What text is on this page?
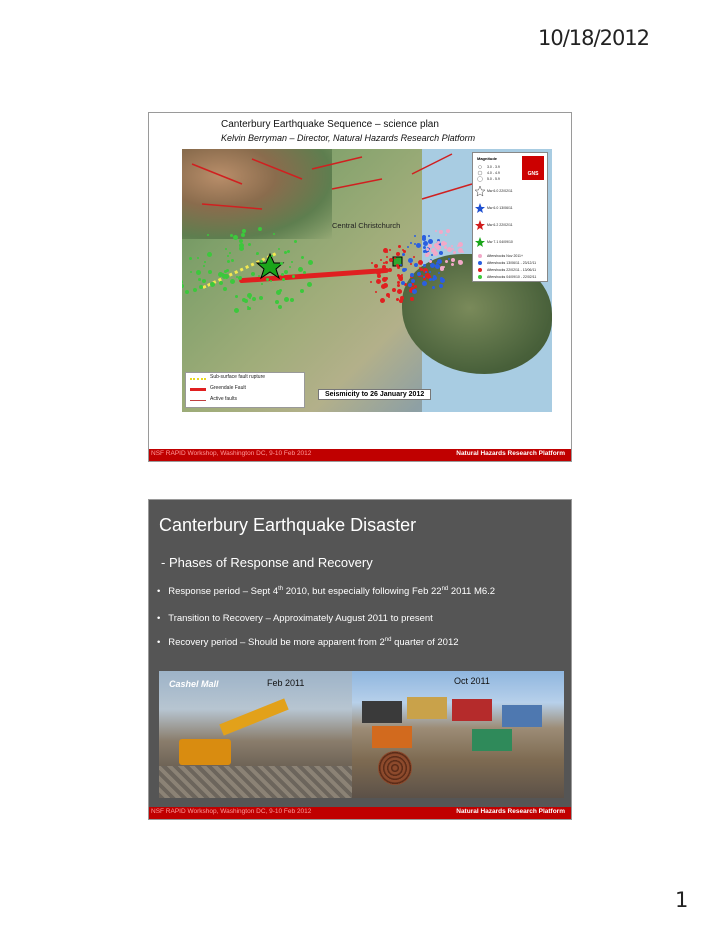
10/18/2012
Canterbury Earthquake Sequence – science plan
Kelvin Berryman – Director, Natural Hazards Research Platform
Central Christchurch
Magnitude
GNS
3.0 - 3.9
4.0 - 4.9
5.0 - 5.9
Mw 6.0 22/02/11
Mw 6.0 13/06/11
Mw 6.2 22/02/11
Mw 7.1 04/09/10
Aftershocks Nov 2011+
Aftershocks 13/06/11 - 23/12/11
Aftershocks 22/02/11 - 13/06/11
Aftershocks 04/09/10 - 22/02/11
Seismicity to 26 January 2012
Sub-surface fault rupture
Greendale Fault
Active faults
NSF RAPID Workshop, Washington DC, 9-10 Feb 2012	Natural Hazards Research Platform
Canterbury Earthquake Disaster
- Phases of Response and Recovery
•   Response period – Sept 4th 2010, but especially following Feb 22nd 2011 M6.2
•   Transition to Recovery – Approximately August 2011 to present
•   Recovery period – Should be more apparent from 2nd quarter of 2012
Cashel Mall	Feb 2011	Oct 2011
NSF RAPID Workshop, Washington DC, 9-10 Feb 2012	Natural Hazards Research Platform
1
